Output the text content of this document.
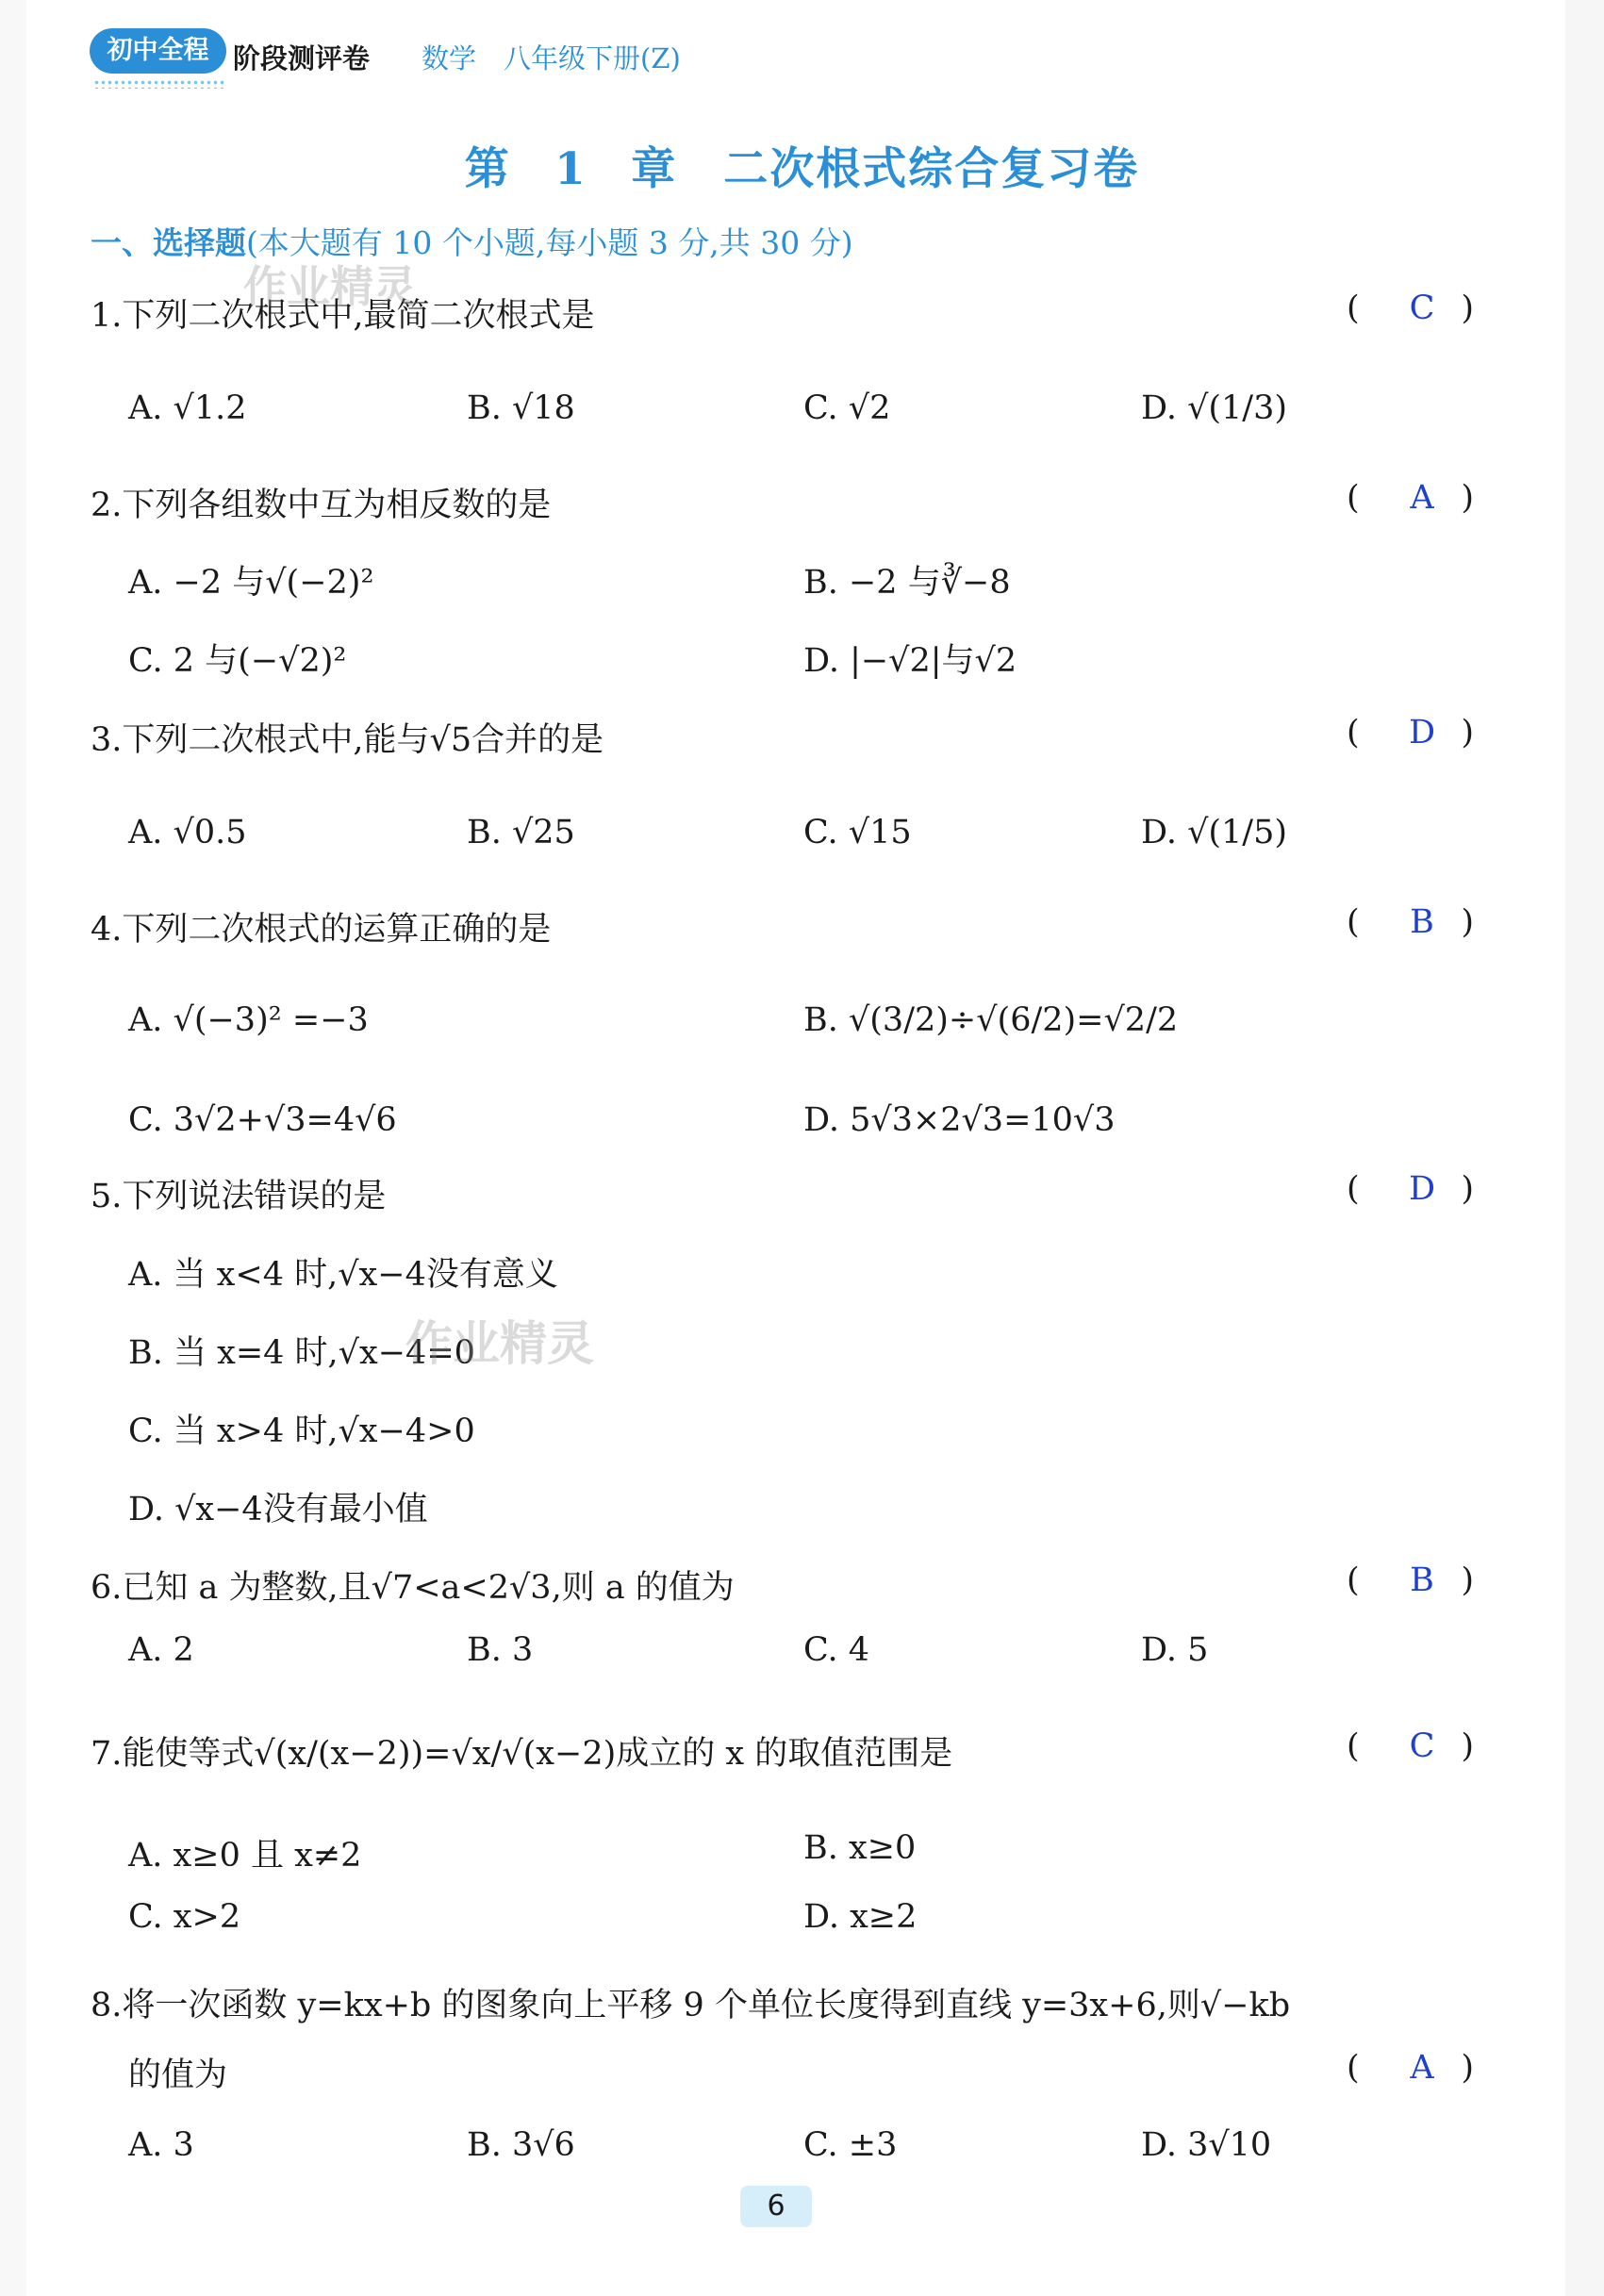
初中全程 阶段测评卷 数学　八年级下册(Z)
第 1 章　二次根式综合复习卷
一、选择题(本大题有 10 个小题,每小题 3 分,共 30 分)
1.下列二次根式中,最简二次根式是	( C )
A. √1.2	B. √18	C. √2	D. √(1/3)
2.下列各组数中互为相反数的是	( A )
A. −2 与√(−2)²	B. −2 与∛−8
C. 2 与(−√2)²	D. |−√2|与√2
3.下列二次根式中,能与√5合并的是	( D )
A. √0.5	B. √25	C. √15	D. √(1/5)
4.下列二次根式的运算正确的是	( B )
A. √(−3)² =−3	B. √(3/2)÷√(6/2)=√2/2
C. 3√2+√3=4√6	D. 5√3×2√3=10√3
5.下列说法错误的是	( D )
A. 当 x<4 时,√x−4没有意义
B. 当 x=4 时,√x−4=0
C. 当 x>4 时,√x−4>0
D. √x−4没有最小值
6.已知 a 为整数,且√7<a<2√3,则 a 的值为	( B )
A. 2	B. 3	C. 4	D. 5
7.能使等式√(x/(x−2))=√x/√(x−2)成立的 x 的取值范围是	( C )
A. x≥0 且 x≠2	B. x≥0
C. x>2	D. x≥2
8.将一次函数 y=kx+b 的图象向上平移 9 个单位长度得到直线 y=3x+6,则√−kb
的值为	( A )
A. 3	B. 3√6	C. ±3	D. 3√10
作业精灵
作业精灵
6
